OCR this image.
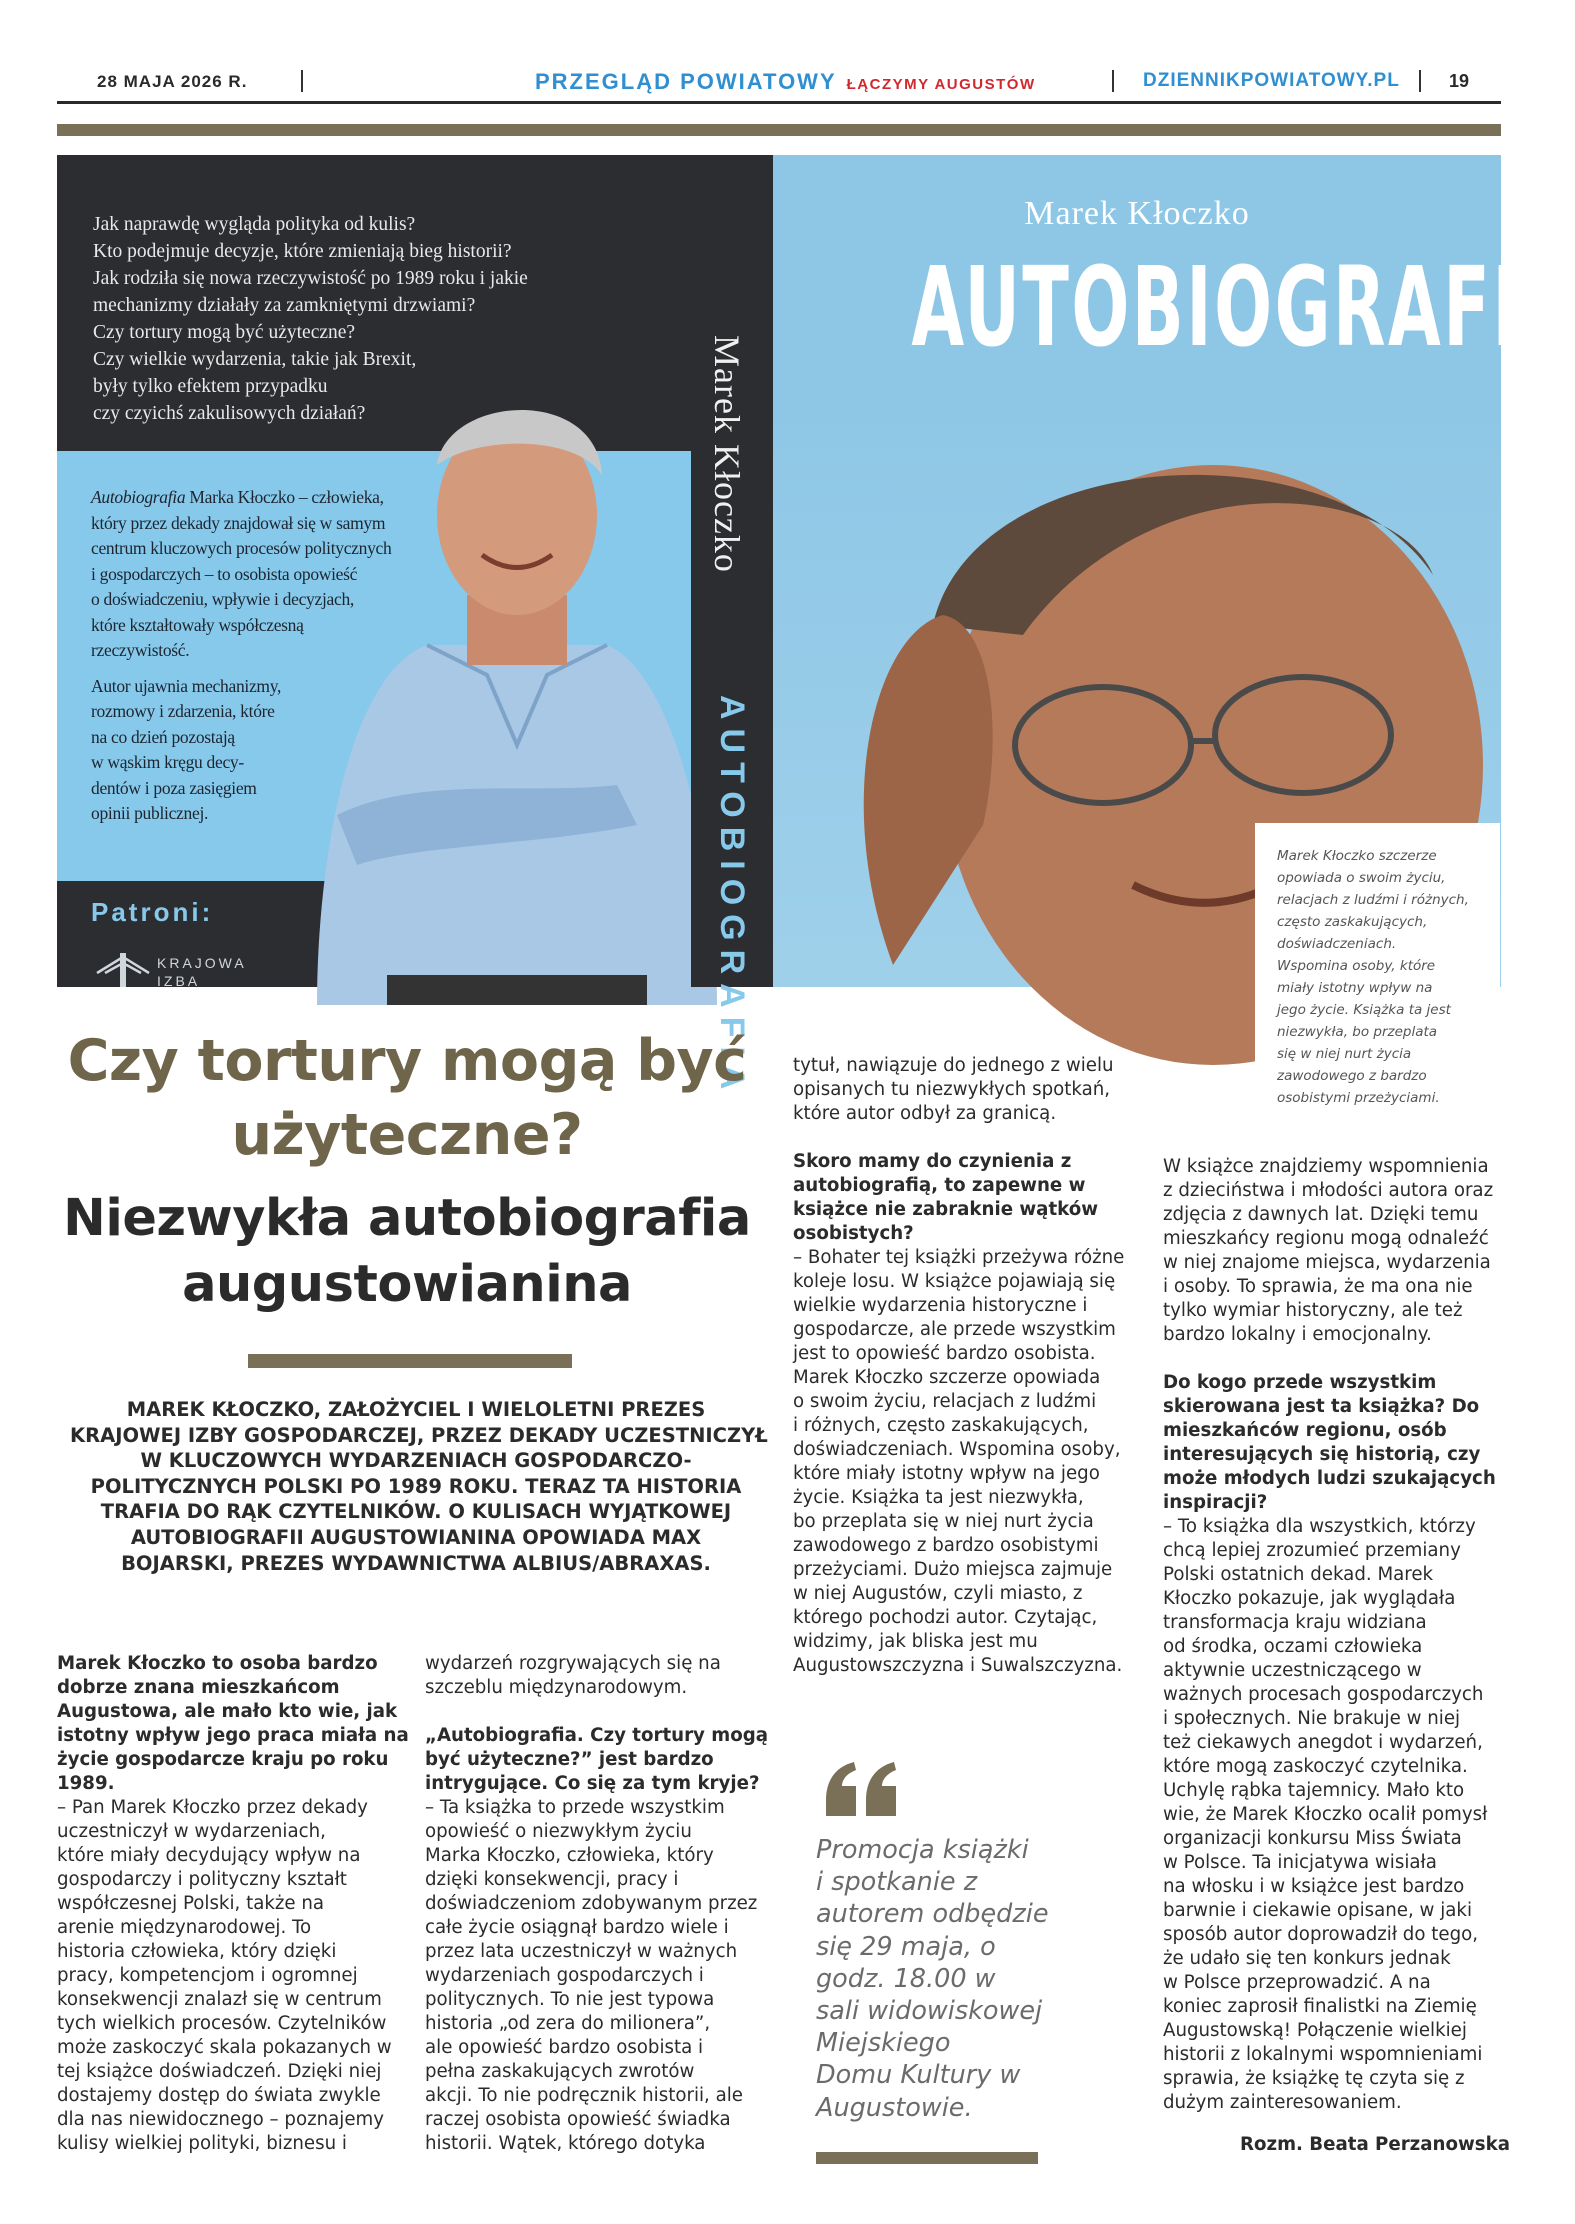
28 MAJA 2026 R.	PRZEGLĄD POWIATOWY ŁĄCZYMY AUGUSTÓW	DZIENNIKPOWIATOWY.PL	19
Jak naprawdę wygląda polityka od kulis?
Kto podejmuje decyzje, które zmieniają bieg historii?
Jak rodziła się nowa rzeczywistość po 1989 roku i jakie
mechanizmy działały za zamkniętymi drzwiami?
Czy tortury mogą być użyteczne?
Czy wielkie wydarzenia, takie jak Brexit,
były tylko efektem przypadku
czy czyichś zakulisowych działań?
Autobiografia Marka Kłoczko – człowieka,
który przez dekady znajdował się w samym
centrum kluczowych procesów politycznych
i gospodarczych – to osobista opowieść
o doświadczeniu, wpływie i decyzjach,
które kształtowały współczesną
rzeczywistość.
Autor ujawnia mechanizmy,
rozmowy i zdarzenia, które
na co dzień pozostają
w wąskim kręgu decy-
dentów i poza zasięgiem
opinii publicznej.
Patroni:
KRAJOWA
IZBA
Marek Kłoczko
AUTOBIOGRAFIA
Marek Kłoczko
AUTOBIOGRAFIA
Marek Kłoczko szczerze
opowiada o swoim życiu,
relacjach z ludźmi i różnych,
często zaskakujących,
doświadczeniach.
Wspomina osoby, które
miały istotny wpływ na
jego życie. Książka ta jest
niezwykła, bo przeplata
się w niej nurt życia
zawodowego z bardzo
osobistymi przeżyciami.
Czy tortury mogą być
użyteczne?
Niezwykła autobiografia
augustowianina
MAREK KŁOCZKO, ZAŁOŻYCIEL I WIELOLETNI PREZES
KRAJOWEJ IZBY GOSPODARCZEJ, PRZEZ DEKADY UCZESTNICZYŁ
W KLUCZOWYCH WYDARZENIACH GOSPODARCZO-
POLITYCZNYCH POLSKI PO 1989 ROKU. TERAZ TA HISTORIA
TRAFIA DO RĄK CZYTELNIKÓW. O KULISACH WYJĄTKOWEJ
AUTOBIOGRAFII AUGUSTOWIANINA OPOWIADA MAX
BOJARSKI, PREZES WYDAWNICTWA ALBIUS/ABRAXAS.
Marek Kłoczko to osoba bardzo
dobrze znana mieszkańcom
Augustowa, ale mało kto wie, jak
istotny wpływ jego praca miała na
życie gospodarcze kraju po roku
1989.
– Pan Marek Kłoczko przez dekady
uczestniczył w wydarzeniach,
które miały decydujący wpływ na
gospodarczy i polityczny kształt
współczesnej Polski, także na
arenie międzynarodowej. To
historia człowieka, który dzięki
pracy, kompetencjom i ogromnej
konsekwencji znalazł się w centrum
tych wielkich procesów. Czytelników
może zaskoczyć skala pokazanych w
tej książce doświadczeń. Dzięki niej
dostajemy dostęp do świata zwykle
dla nas niewidocznego – poznajemy
kulisy wielkiej polityki, biznesu i
wydarzeń rozgrywających się na
szczeblu międzynarodowym.
„Autobiografia. Czy tortury mogą
być użyteczne?” jest bardzo
intrygujące. Co się za tym kryje?
– Ta książka to przede wszystkim
opowieść o niezwykłym życiu
Marka Kłoczko, człowieka, który
dzięki konsekwencji, pracy i
doświadczeniom zdobywanym przez
całe życie osiągnął bardzo wiele i
przez lata uczestniczył w ważnych
wydarzeniach gospodarczych i
politycznych. To nie jest typowa
historia „od zera do milionera”,
ale opowieść bardzo osobista i
pełna zaskakujących zwrotów
akcji. To nie podręcznik historii, ale
raczej osobista opowieść świadka
historii. Wątek, którego dotyka
tytuł, nawiązuje do jednego z wielu
opisanych tu niezwykłych spotkań,
które autor odbył za granicą.
Skoro mamy do czynienia z
autobiografią, to zapewne w
książce nie zabraknie wątków
osobistych?
– Bohater tej książki przeżywa różne
koleje losu. W książce pojawiają się
wielkie wydarzenia historyczne i
gospodarcze, ale przede wszystkim
jest to opowieść bardzo osobista.
Marek Kłoczko szczerze opowiada
o swoim życiu, relacjach z ludźmi
i różnych, często zaskakujących,
doświadczeniach. Wspomina osoby,
które miały istotny wpływ na jego
życie. Książka ta jest niezwykła,
bo przeplata się w niej nurt życia
zawodowego z bardzo osobistymi
przeżyciami. Dużo miejsca zajmuje
w niej Augustów, czyli miasto, z
którego pochodzi autor. Czytając,
widzimy, jak bliska jest mu
Augustowszczyzna i Suwalszczyzna.
Promocja książki
i spotkanie z
autorem odbędzie
się 29 maja, o
godz. 18.00 w
sali widowiskowej
Miejskiego
Domu Kultury w
Augustowie.
W książce znajdziemy wspomnienia
z dzieciństwa i młodości autora oraz
zdjęcia z dawnych lat. Dzięki temu
mieszkańcy regionu mogą odnaleźć
w niej znajome miejsca, wydarzenia
i osoby. To sprawia, że ma ona nie
tylko wymiar historyczny, ale też
bardzo lokalny i emocjonalny.
Do kogo przede wszystkim
skierowana jest ta książka? Do
mieszkańców regionu, osób
interesujących się historią, czy
może młodych ludzi szukających
inspiracji?
– To książka dla wszystkich, którzy
chcą lepiej zrozumieć przemiany
Polski ostatnich dekad. Marek
Kłoczko pokazuje, jak wyglądała
transformacja kraju widziana
od środka, oczami człowieka
aktywnie uczestniczącego w
ważnych procesach gospodarczych
i społecznych. Nie brakuje w niej
też ciekawych anegdot i wydarzeń,
które mogą zaskoczyć czytelnika.
Uchylę rąbka tajemnicy. Mało kto
wie, że Marek Kłoczko ocalił pomysł
organizacji konkursu Miss Świata
w Polsce. Ta inicjatywa wisiała
na włosku i w książce jest bardzo
barwnie i ciekawie opisane, w jaki
sposób autor doprowadził do tego,
że udało się ten konkurs jednak
w Polsce przeprowadzić. A na
koniec zaprosił finalistki na Ziemię
Augustowską! Połączenie wielkiej
historii z lokalnymi wspomnieniami
sprawia, że książkę tę czyta się z
dużym zainteresowaniem.
Rozm. Beata Perzanowska
